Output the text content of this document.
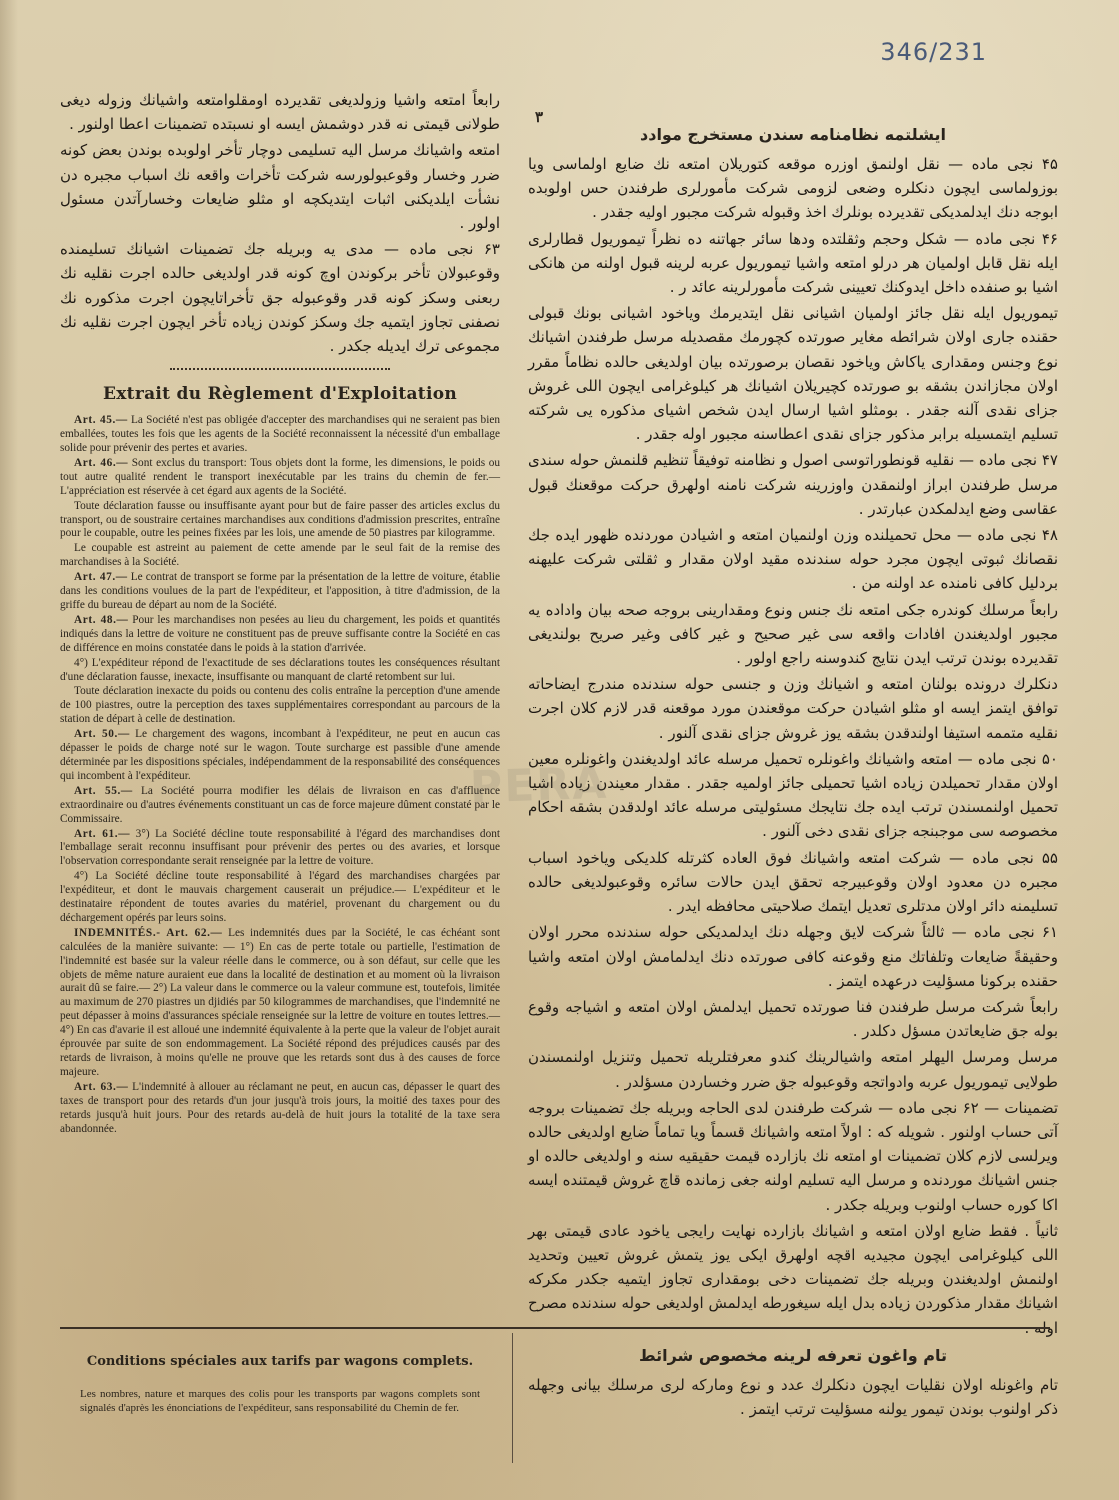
346/231
۳

رابعاً امتعه واشيا وزولدیغی تقدیرده اومقلوامتعه واشیانك وزوله دیغی طولانی قیمتی نه قدر دوشمش ایسه او نسبتده تضمینات اعطا اولنور .

امتعه واشیانك مرسل الیه تسلیمی دوچار تأخر اولوبده بوندن بعض كونه ضرر وخسار وقوعبولورسه شركت تأخرات واقعه نك اسباب مجبره دن نشأت ایلدیكنی اثبات ایتدیكچه او مثلو ضایعات وخسارآتدن مسئول اولور .

۶۳ نجی ماده — مدی یه وبریله جك تضمینات اشیانك تسلیمنده وقوعبولان تأخر بركوندن اوچ كونه قدر اولدیغی حالده اجرت نقلیه نك ربعنی وسكز كونه قدر وقوعبوله جق تأخراتایچون اجرت مذكوره نك نصفنی تجاوز ایتمیه جك وسكز كوندن زیاده تأخر ایچون اجرت نقلیه نك مجموعی ترك ایدیله جكدر .

Extrait du Règlement d'Exploitation

Art. 45.— La Société n'est pas obligée d'accepter des marchandises qui ne seraient pas bien emballées, toutes les fois que les agents de la Société reconnaissent la nécessité d'un emballage solide pour prévenir des pertes et avaries.

Art. 46.— Sont exclus du transport: Tous objets dont la forme, les dimensions, le poids ou tout autre qualité rendent le transport inexécutable par les trains du chemin de fer.— L'appréciation est réservée à cet égard aux agents de la Société.

Toute déclaration fausse ou insuffisante ayant pour but de faire passer des articles exclus du transport, ou de soustraire certaines marchandises aux conditions d'admission prescrites, entraîne pour le coupable, outre les peines fixées par les lois, une amende de 50 piastres par kilogramme.

Le coupable est astreint au paiement de cette amende par le seul fait de la remise des marchandises à la Société.

Art. 47.— Le contrat de transport se forme par la présentation de la lettre de voiture, établie dans les conditions voulues de la part de l'expéditeur, et l'apposition, à titre d'admission, de la griffe du bureau de départ au nom de la Société.

Art. 48.— Pour les marchandises non pesées au lieu du chargement, les poids et quantités indiqués dans la lettre de voiture ne constituent pas de preuve suffisante contre la Société en cas de différence en moins constatée dans le poids à la station d'arrivée.

4°) L'expéditeur répond de l'exactitude de ses déclarations toutes les conséquences résultant d'une déclaration fausse, inexacte, insuffisante ou manquant de clarté retombent sur lui.

Toute déclaration inexacte du poids ou contenu des colis entraîne la perception d'une amende de 100 piastres, outre la perception des taxes supplémentaires correspondant au parcours de la station de départ à celle de destination.

Art. 50.— Le chargement des wagons, incombant à l'expéditeur, ne peut en aucun cas dépasser le poids de charge noté sur le wagon. Toute surcharge est passible d'une amende déterminée par les dispositions spéciales, indépendamment de la responsabilité des conséquences qui incombent à l'expéditeur.

Art. 55.— La Société pourra modifier les délais de livraison en cas d'affluence extraordinaire ou d'autres événements constituant un cas de force majeure dûment constaté par le Commissaire.

Art. 61.— 3°) La Société décline toute responsabilité à l'égard des marchandises dont l'emballage serait reconnu insuffisant pour prévenir des pertes ou des avaries, et lorsque l'observation correspondante serait renseignée par la lettre de voiture.

4°) La Société décline toute responsabilité à l'égard des marchandises chargées par l'expéditeur, et dont le mauvais chargement causerait un préjudice.— L'expéditeur et le destinataire répondent de toutes avaries du matériel, provenant du chargement ou du déchargement opérés par leurs soins.

INDEMNITÉS.- Art. 62.— Les indemnités dues par la Société, le cas échéant sont calculées de la manière suivante: — 1°) En cas de perte totale ou partielle, l'estimation de l'indemnité est basée sur la valeur réelle dans le commerce, ou à son défaut, sur celle que les objets de même nature auraient eue dans la localité de destination et au moment où la livraison aurait dû se faire.— 2°) La valeur dans le commerce ou la valeur commune est, toutefois, limitée au maximum de 270 piastres un djidiés par 50 kilogrammes de marchandises, que l'indemnité ne peut dépasser à moins d'assurances spéciale renseignée sur la lettre de voiture en toutes lettres.— 4°) En cas d'avarie il est alloué une indemnité équivalente à la perte que la valeur de l'objet aurait éprouvée par suite de son endommagement. La Société répond des préjudices causés par des retards de livraison, à moins qu'elle ne prouve que les retards sont dus à des causes de force majeure.

Art. 63.— L'indemnité à allouer au réclamant ne peut, en aucun cas, dépasser le quart des taxes de transport pour des retards d'un jour jusqu'à trois jours, la moitié des taxes pour des retards jusqu'à huit jours. Pour des retards au-delà de huit jours la totalité de la taxe sera abandonnée.

ایشلتمه نظامنامه سندن مستخرج موادد

۴۵ نجی ماده — نقل اولنمق اوزره موقعه كتوریلان امتعه نك ضایع اولماسی ویا بوزولماسی ایچون دنكلره وضعی لزومی شركت مأمورلری طرفندن حس اولوبده ابوجه دنك ایدلمدیكی تقدیرده بونلرك اخذ وقبوله شركت مجبور اولیه جقدر .

۴۶ نجی ماده — شكل وحجم وثقلتده ودها سائر جهاتنه ده نظراً تیموریول قطارلری ایله نقل قابل اولمیان هر درلو امتعه واشیا تیموریول عربه لرینه قبول اولنه من هانكی اشیا بو صنفده داخل ایدوكنك تعیینی شركت مأمورلرینه عائد ر .

تیموریول ایله نقل جائز اولمیان اشیانی نقل ایتدیرمك وياخود اشیانی بونك قبولی حقنده جاری اولان شرائطه مغایر صورتده كچورمك مقصدیله مرسل طرفندن اشیانك نوع وجنس ومقداری یاكاش ویاخود نقصان برصورتده بیان اولدیغی حالده نظاماً مقرر اولان مجازاندن بشقه بو صورتده كچیریلان اشیانك هر كیلوغرامی ایچون اللی غروش جزای نقدی آلنه جقدر . بومثلو اشیا ارسال ایدن شخص اشیای مذكوره یی شركته تسلیم ایتمسیله برابر مذكور جزای نقدی اعطاسنه مجبور اوله جقدر .

۴۷ نجی ماده — نقلیه قونطوراتوسی اصول و نظامنه توفیقاً تنظیم قلنمش حوله سندی مرسل طرفندن ابراز اولنمقدن واوزرینه شركت نامنه اولهرق حركت موقعنك قبول عقاسی وضع ایدلمكدن عبارتدر .

۴۸ نجی ماده — محل تحمیلنده وزن اولنمیان امتعه و اشیادن موردنده ظهور ایده جك نقصانك ثبوتی ایچون مجرد حوله سندنده مقید اولان مقدار و ثقلتی شركت علیهنه بردلیل كافی نامنده عد اولنه من .

رابعاً مرسلك كوندره جكی امتعه نك جنس ونوع ومقدارینی بروجه صحه بیان واداده یه مجبور اولدیغندن افادات واقعه سی غیر صحیح و غیر كافی وغیر صریح بولندیغی تقدیرده بوندن ترتب ایدن نتایج كندوسنه راجع اولور .

دنكلرك درونده بولنان امتعه و اشیانك وزن و جنسی حوله سندنده مندرج ایضاحاته توافق ایتمز ایسه او مثلو اشیادن حركت موقعندن مورد موقعنه قدر لازم كلان اجرت نقلیه متممه استیفا اولندقدن بشقه یوز غروش جزای نقدی آلنور .

۵۰ نجی ماده — امتعه واشیانك واغونلره تحمیل مرسله عائد اولدیغندن واغونلره معین اولان مقدار تحمیلدن زیاده اشیا تحمیلی جائز اولمیه جقدر . مقدار معیندن زیاده اشیا تحمیل اولنمسندن ترتب ایده جك نتایجك مسئولیتی مرسله عائد اولدقدن بشقه احكام مخصوصه سی موجبنجه جزای نقدی دخی آلنور .

۵۵ نجی ماده — شركت امتعه واشیانك فوق العاده كثرتله كلدیكی وياخود اسباب مجبره دن معدود اولان وقوعبیرجه تحقق ایدن حالات سائره وقوعبولدیغی حالده تسلیمنه دائر اولان مدتلری تعدیل ایتمك صلاحیتی محافظه ایدر .

۶۱ نجی ماده — ثالثاً شركت لایق وجهله دنك ایدلمدیكی حوله سندنده محرر اولان وحقیقةً ضایعات وتلفاتك منع وقوعنه كافی صورتده دنك ایدلمامش اولان امتعه واشیا حقنده بركونا مسؤلیت درعهده ایتمز .

رابعاً شركت مرسل طرفندن فنا صورتده تحمیل ایدلمش اولان امتعه و اشیاجه وقوع بوله جق ضایعاتدن مسؤل دكلدر .

مرسل ومرسل الیهلر امتعه واشیالرینك كندو معرفتلریله تحمیل وتنزیل اولنمسندن طولایی تیموریول عربه وادواتجه وقوعبوله جق ضرر وخساردن مسؤلدر .

تضمینات — ۶۲ نجی ماده — شركت طرفندن لدی الحاجه وبریله جك تضمینات بروجه آتی حساب اولنور . شویله كه : اولاً امتعه واشیانك قسماً ویا تماماً ضایع اولدیغی حالده ویرلسی لازم كلان تضمینات او امتعه نك بازارده قیمت حقیقیه سنه و اولدیغی حالده او جنس اشیانك موردنده و مرسل الیه تسلیم اولنه جغی زمانده قاچ غروش قیمتنده ایسه اكا كوره حساب اولنوب وبریله جكدر .

ثانیاً . فقط ضایع اولان امتعه و اشیانك بازارده نهایت رایجی یاخود عادی قیمتی بهر اللی كیلوغرامی ایچون مجیدیه اقچه اولهرق ایكی یوز یتمش غروش تعیین وتحدید اولنمش اولدیغندن وبریله جك تضمینات دخی بومقداری تجاوز ایتمیه جكدر مكركه اشیانك مقدار مذكوردن زیاده بدل ایله سیغورطه ایدلمش اولدیغی حوله سندنده مصرح اوله .

PERA
Conditions spéciales aux tarifs par wagons complets.

Les nombres, nature et marques des colis pour les transports par wagons complets sont signalés d'après les énonciations de l'expéditeur, sans responsabilité du Chemin de fer.

تام واغون تعرفه لرینه مخصوص شرائط

تام واغونله اولان نقلیات ایچون دنكلرك عدد و نوع وماركه لری مرسلك بیانی وجهله ذكر اولنوب بوندن تیمور یولنه مسؤلیت ترتب ایتمز .
